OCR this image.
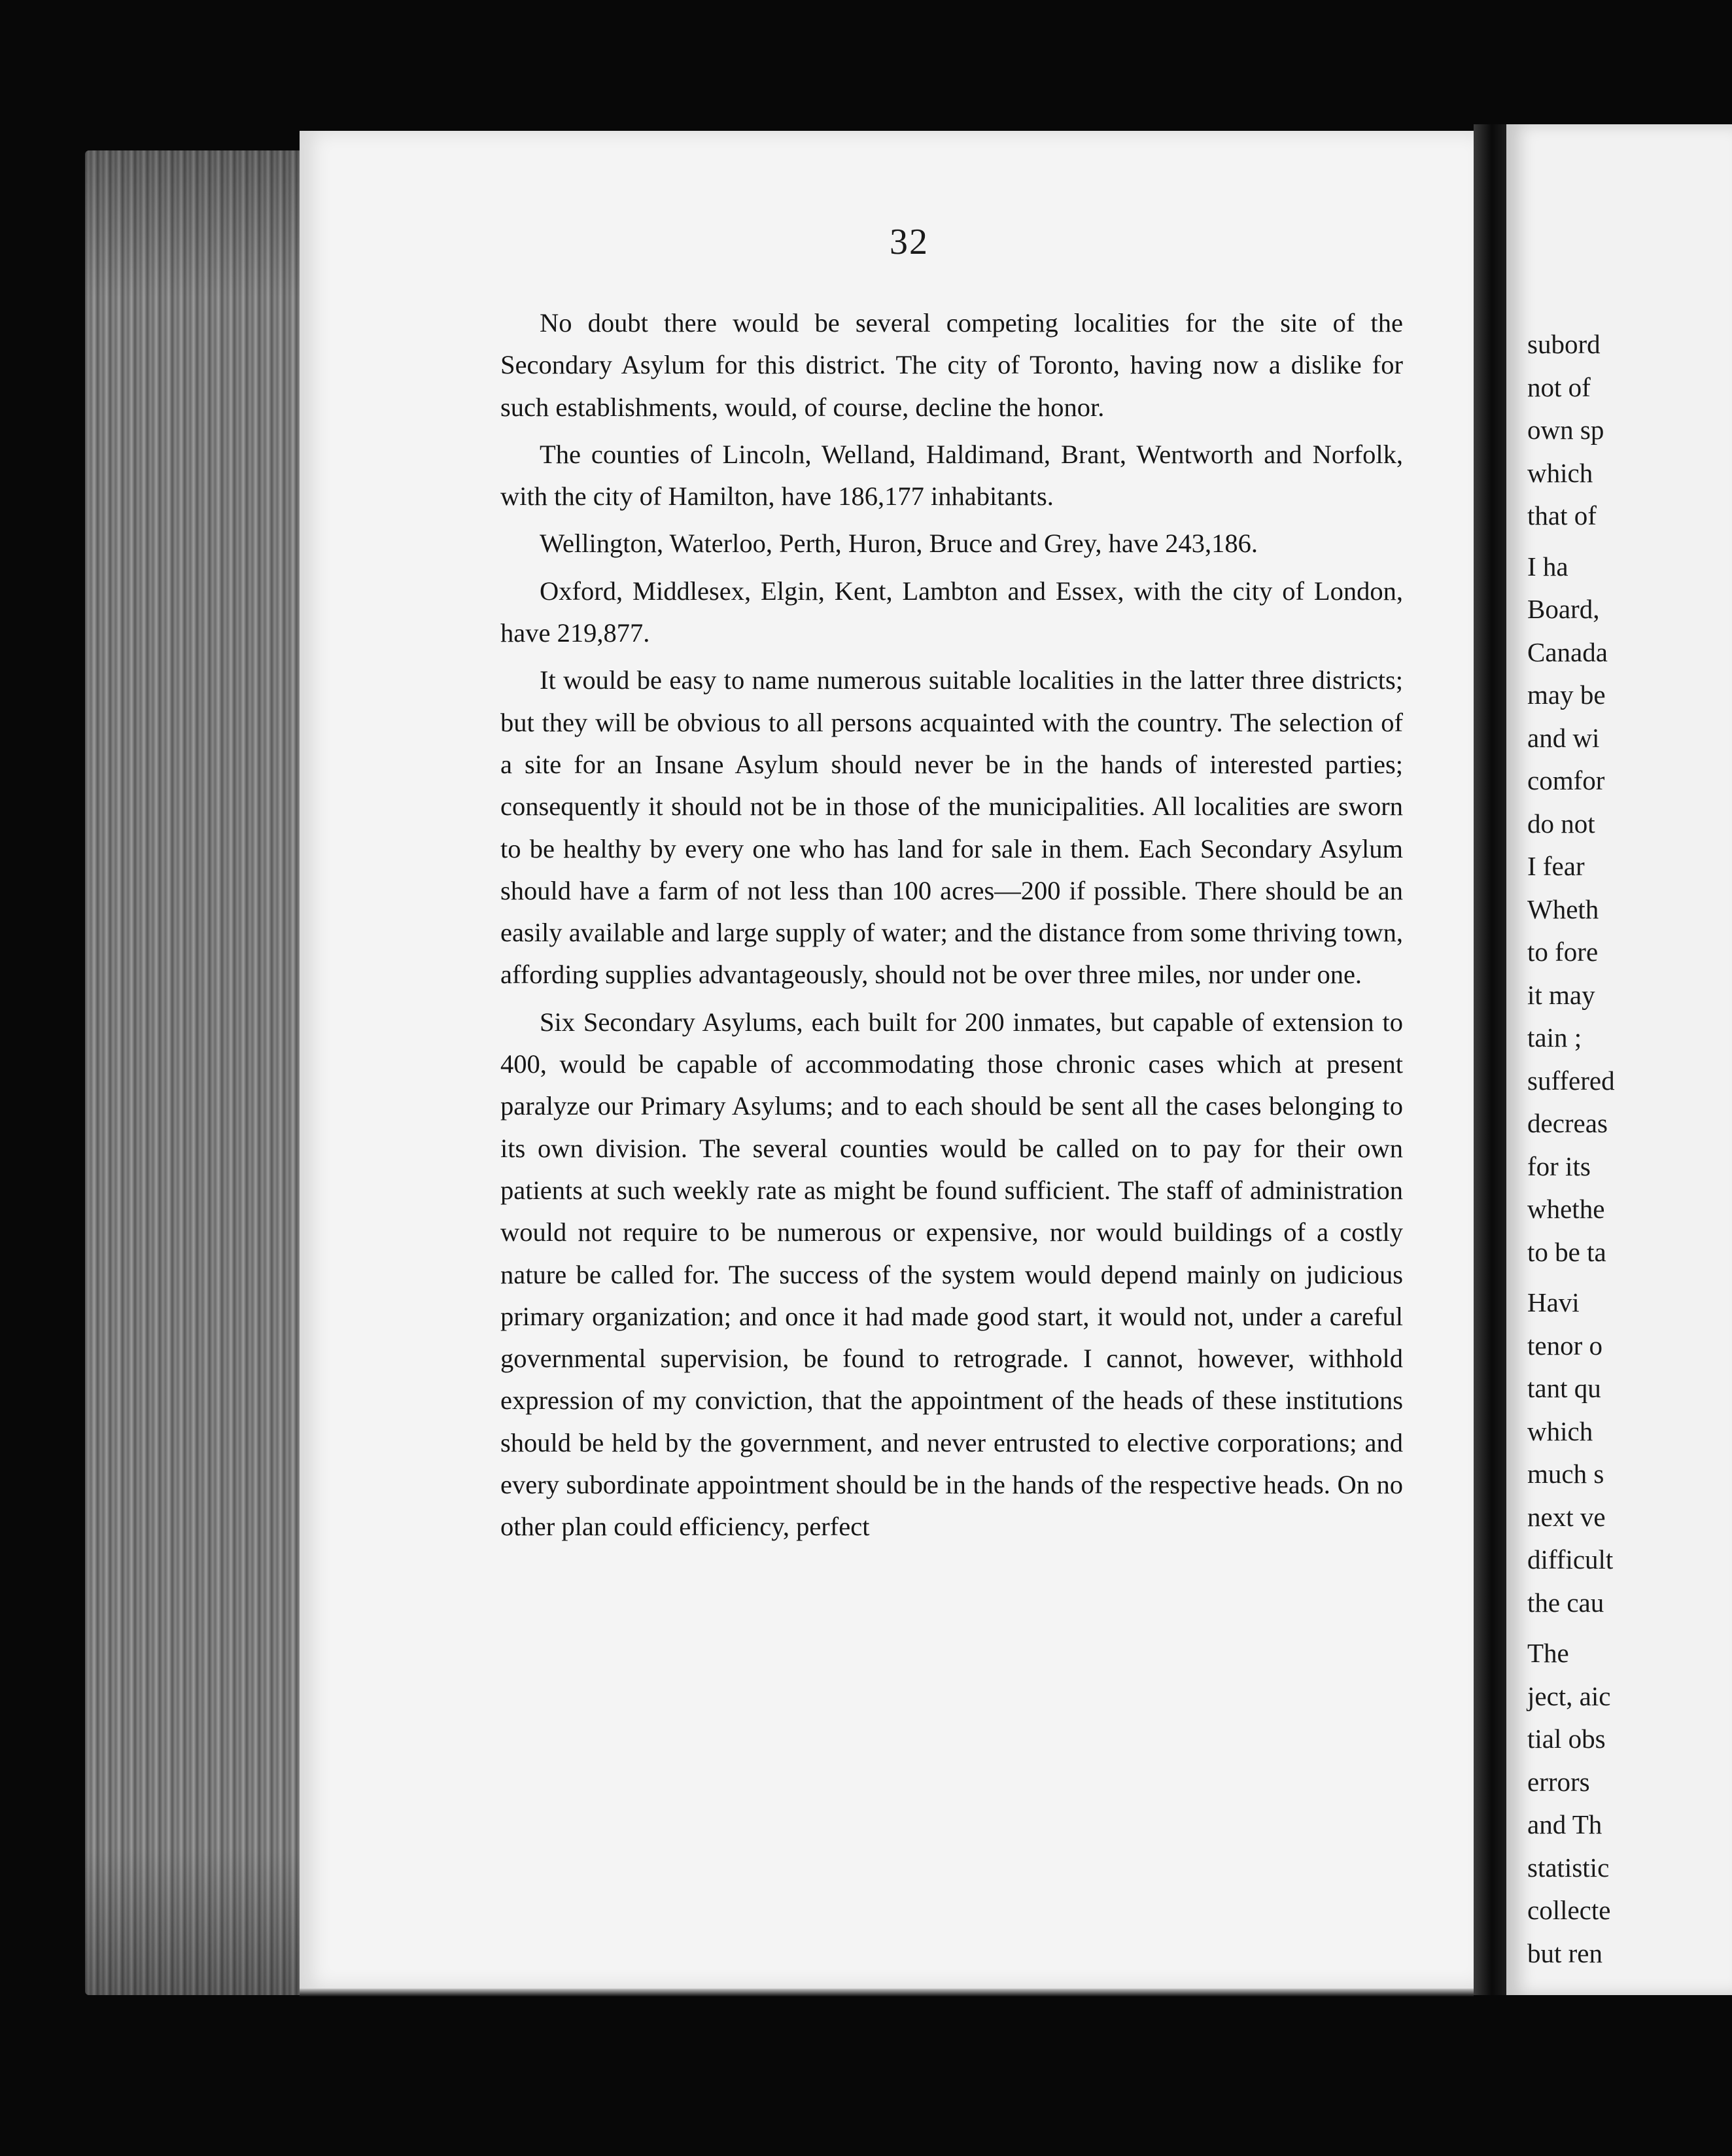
32

No doubt there would be several competing localities for the site of the Secondary Asylum for this district. The city of Toronto, having now a dislike for such establishments, would, of course, decline the honor.

The counties of Lincoln, Welland, Haldimand, Brant, Wentworth and Norfolk, with the city of Hamilton, have 186,177 inhabitants.

Wellington, Waterloo, Perth, Huron, Bruce and Grey, have 243,186.

Oxford, Middlesex, Elgin, Kent, Lambton and Essex, with the city of London, have 219,877.

It would be easy to name numerous suitable localities in the latter three districts; but they will be obvious to all persons acquainted with the country. The selection of a site for an Insane Asylum should never be in the hands of interested parties; consequently it should not be in those of the municipalities. All localities are sworn to be healthy by every one who has land for sale in them. Each Secondary Asylum should have a farm of not less than 100 acres—200 if possible. There should be an easily available and large supply of water; and the distance from some thriving town, affording supplies advantageously, should not be over three miles, nor under one.

Six Secondary Asylums, each built for 200 inmates, but capable of extension to 400, would be capable of accommodating those chronic cases which at present paralyze our Primary Asylums; and to each should be sent all the cases belonging to its own division. The several counties would be called on to pay for their own patients at such weekly rate as might be found sufficient. The staff of administration would not require to be numerous or expensive, nor would buildings of a costly nature be called for. The success of the system would depend mainly on judicious primary organization; and once it had made good start, it would not, under a careful governmental supervision, be found to retrograde. I cannot, however, withhold expression of my conviction, that the appointment of the heads of these institutions should be held by the government, and never entrusted to elective corporations; and every subordinate appointment should be in the hands of the respective heads. On no other plan could efficiency, perfect

subord
not of
own sp
which
that of
I ha
Board,
Canada
may be
and wi
comfor
do not
I fear
Wheth
to fore
it may
tain ;
suffered
decreas
for its
whethe
to be ta
Havi
tenor o
tant qu
which
much s
next ve
difficult
the cau
The
ject, aic
tial obs
errors
and Th
statistic
collecte
but ren
